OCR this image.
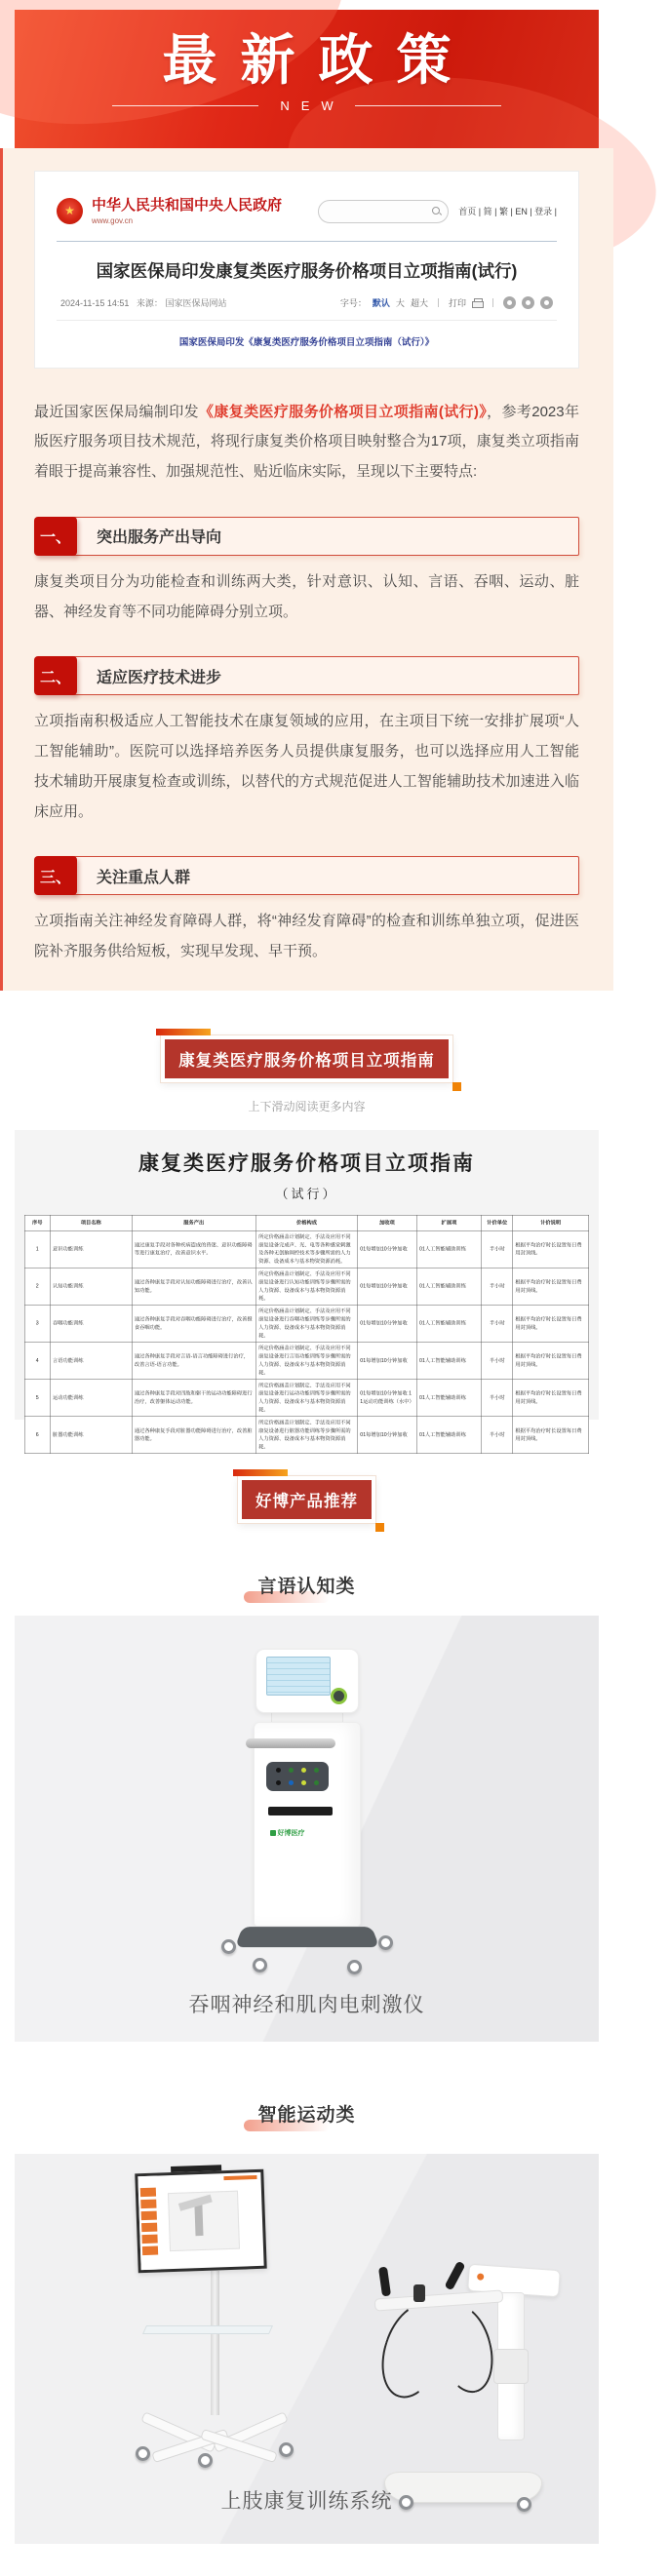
最新政策
NEW
★	中华人民共和国中央人民政府
www.gov.cn
首页 | 简 | 繁 | EN | 登录 |
国家医保局印发康复类医疗服务价格项目立项指南(试行)
2024-11-15 14:51 来源： 国家医保局网站	字号： 默认 大 超大 ｜ 打印	｜
国家医保局印发《康复类医疗服务价格项目立项指南（试行）》

最近国家医保局编制印发《康复类医疗服务价格项目立项指南(试行)》，参考2023年版医疗服务项目技术规范，将现行康复类价格项目映射整合为17项，康复类立项指南着眼于提高兼容性、加强规范性、贴近临床实际，呈现以下主要特点:

一、	突出服务产出导向

康复类项目分为功能检查和训练两大类，针对意识、认知、言语、吞咽、运动、脏器、神经发育等不同功能障碍分别立项。

二、	适应医疗技术进步

立项指南积极适应人工智能技术在康复领域的应用，在主项目下统一安排扩展项“人工智能辅助”。医院可以选择培养医务人员提供康复服务，也可以选择应用人工智能技术辅助开展康复检查或训练，以替代的方式规范促进人工智能辅助技术加速进入临床应用。

三、	关注重点人群

立项指南关注神经发育障碍人群，将“神经发育障碍”的检查和训练单独立项，促进医院补齐服务供给短板，实现早发现、早干预。

康复类医疗服务价格项目立项指南
上下滑动阅读更多内容
康复类医疗服务价格项目立项指南
（试行）
序号	项目名称	服务产出	价格构成	加收项	扩展项	计价单位	计价说明
1	意识功能训练	通过康复手段对各种疾病造成的昏迷、意识功能障碍等进行康复治疗，改善意识水平。	所定价格涵盖计划制定、手法及应用不同康复设备完成声、光、电等各种感觉刺激及各种无创脑调控技术等步骤所需的人力资源、设备成本与基本物资资源消耗。	01每增加10分钟加收	01人工智能辅助训练	半小时	根据平均治疗时长设置每日费用封顶线。
2	认知功能训练	通过各种康复手段对认知功能障碍进行治疗，改善认知功能。	所定价格涵盖计划制定、手法及应用不同康复设备进行认知功能训练等步骤所需的人力资源、设备成本与基本物资资源消耗。	01每增加10分钟加收	01人工智能辅助训练	半小时	根据平均治疗时长设置每日费用封顶线。
3	吞咽功能训练	通过各种康复手段对吞咽功能障碍进行治疗，改善摄食吞咽功能。	所定价格涵盖计划制定、手法及应用不同康复设备进行吞咽功能训练等步骤所需的人力资源、设备成本与基本物资资源消耗。	01每增加10分钟加收	01人工智能辅助训练	半小时	根据平均治疗时长设置每日费用封顶线。
4	言语功能训练	通过各种康复手段对言语-语言功能障碍进行治疗，改善言语-语言功能。	所定价格涵盖计划制定、手法及应用不同康复设备进行言语功能训练等步骤所需的人力资源、设备成本与基本物资资源消耗。	01每增加10分钟加收	01人工智能辅助训练	半小时	根据平均治疗时长设置每日费用封顶线。
5	运动功能训练	通过各种康复手段对四肢和躯干的运动功能障碍进行治疗，改善躯体运动功能。	所定价格涵盖计划制定、手法及应用不同康复设备进行运动功能训练等步骤所需的人力资源、设备成本与基本物资资源消耗。	01每增加10分钟加收 11运动功能训练（水中）	01人工智能辅助训练	半小时	根据平均治疗时长设置每日费用封顶线。
6	脏器功能训练	通过各种康复手段对脏器功能障碍进行治疗，改善脏器功能。	所定价格涵盖计划制定、手法及应用不同康复设备进行脏器功能训练等步骤所需的人力资源、设备成本与基本物资资源消耗。	01每增加10分钟加收	01人工智能辅助训练	半小时	根据平均治疗时长设置每日费用封顶线。
好博产品推荐
言语认知类
好博医疗
吞咽神经和肌肉电刺激仪
智能运动类
上肢康复训练系统
